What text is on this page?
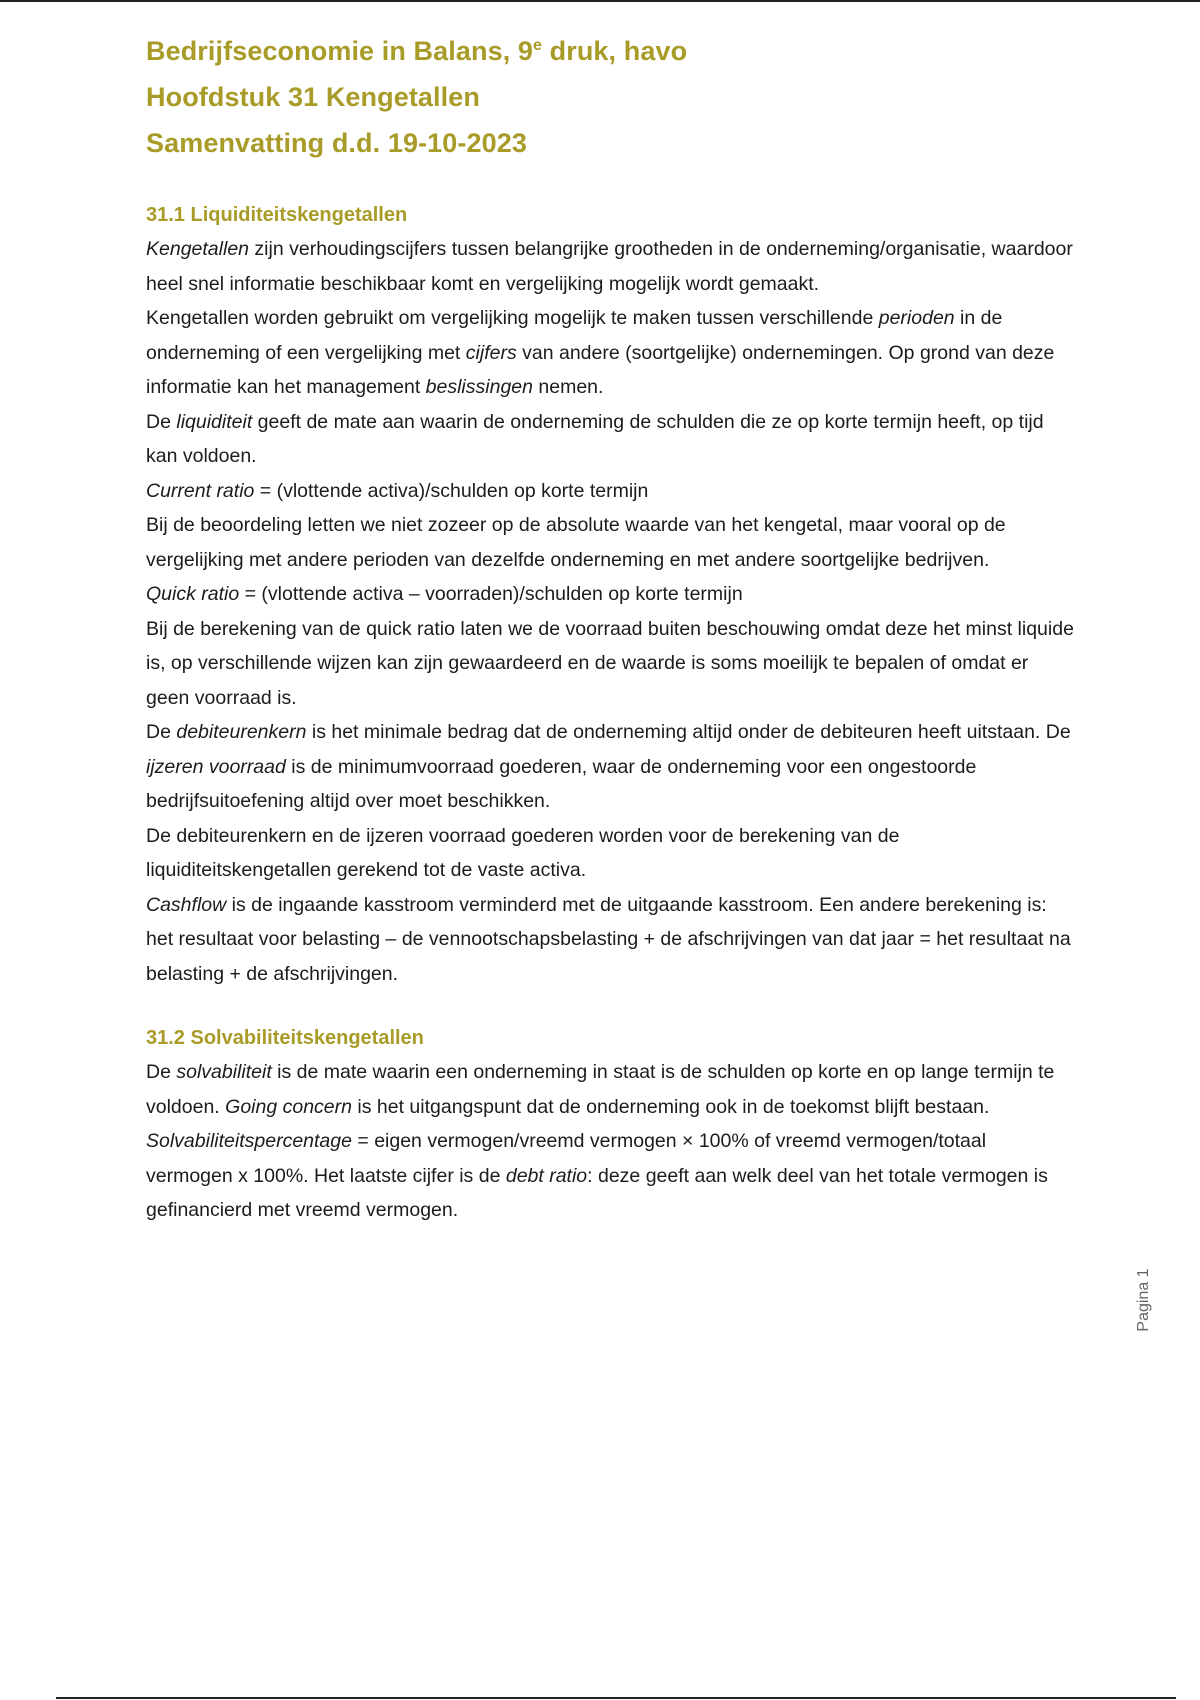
Bedrijfseconomie in Balans, 9e druk, havo

Hoofdstuk 31 Kengetallen

Samenvatting d.d. 19-10-2023

31.1 Liquiditeitskengetallen

Kengetallen zijn verhoudingscijfers tussen belangrijke grootheden in de onderneming/organisatie, waardoor heel snel informatie beschikbaar komt en vergelijking mogelijk wordt gemaakt.

Kengetallen worden gebruikt om vergelijking mogelijk te maken tussen verschillende perioden in de onderneming of een vergelijking met cijfers van andere (soortgelijke) ondernemingen. Op grond van deze informatie kan het management beslissingen nemen.

De liquiditeit geeft de mate aan waarin de onderneming de schulden die ze op korte termijn heeft, op tijd kan voldoen.

Current ratio = (vlottende activa)/schulden op korte termijn

Bij de beoordeling letten we niet zozeer op de absolute waarde van het kengetal, maar vooral op de vergelijking met andere perioden van dezelfde onderneming en met andere soortgelijke bedrijven.

Quick ratio = (vlottende activa – voorraden)/schulden op korte termijn

Bij de berekening van de quick ratio laten we de voorraad buiten beschouwing omdat deze het minst liquide is, op verschillende wijzen kan zijn gewaardeerd en de waarde is soms moeilijk te bepalen of omdat er geen voorraad is.

De debiteurenkern is het minimale bedrag dat de onderneming altijd onder de debiteuren heeft uitstaan. De ijzeren voorraad is de minimumvoorraad goederen, waar de onderneming voor een ongestoorde bedrijfsuitoefening altijd over moet beschikken.

De debiteurenkern en de ijzeren voorraad goederen worden voor de berekening van de liquiditeitskengetallen gerekend tot de vaste activa.

Cashflow is de ingaande kasstroom verminderd met de uitgaande kasstroom. Een andere berekening is: het resultaat voor belasting – de vennootschapsbelasting + de afschrijvingen van dat jaar = het resultaat na belasting + de afschrijvingen.

31.2 Solvabiliteitskengetallen

De solvabiliteit is de mate waarin een onderneming in staat is de schulden op korte en op lange termijn te voldoen. Going concern is het uitgangspunt dat de onderneming ook in de toekomst blijft bestaan.

Solvabiliteitspercentage = eigen vermogen/vreemd vermogen × 100% of vreemd vermogen/totaal vermogen x 100%. Het laatste cijfer is de debt ratio: deze geeft aan welk deel van het totale vermogen is gefinancierd met vreemd vermogen.

Pagina 1
